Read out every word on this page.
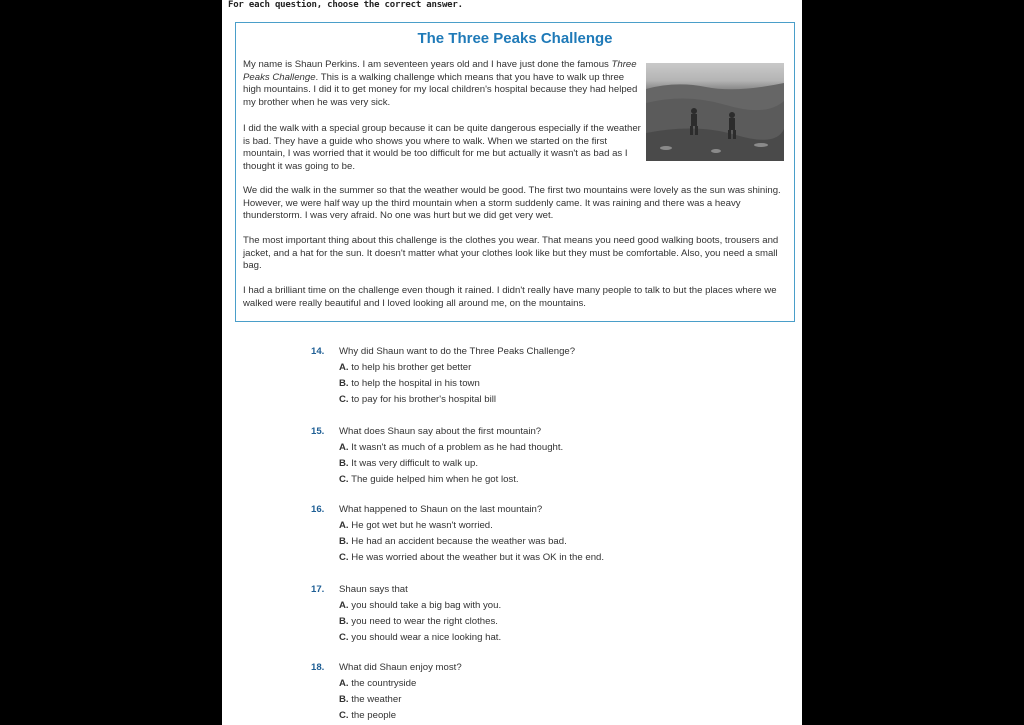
For each question, choose the correct answer.
The Three Peaks Challenge
My name is Shaun Perkins. I am seventeen years old and I have just done the famous Three Peaks Challenge. This is a walking challenge which means that you have to walk up three high mountains. I did it to get money for my local children's hospital because they had helped my brother when he was very sick.
I did the walk with a special group because it can be quite dangerous especially if the weather is bad. They have a guide who shows you where to walk. When we started on the first mountain, I was worried that it would be too difficult for me but actually it wasn't as bad as I thought it was going to be.
We did the walk in the summer so that the weather would be good. The first two mountains were lovely as the sun was shining. However, we were half way up the third mountain when a storm suddenly came. It was raining and there was a heavy thunderstorm. I was very afraid. No one was hurt but we did get very wet.
The most important thing about this challenge is the clothes you wear. That means you need good walking boots, trousers and jacket, and a hat for the sun. It doesn't matter what your clothes look like but they must be comfortable. Also, you need a small bag.
I had a brilliant time on the challenge even though it rained. I didn't really have many people to talk to but the places where we walked were really beautiful and I loved looking all around me, on the mountains.
14. Why did Shaun want to do the Three Peaks Challenge?
A. to help his brother get better
B. to help the hospital in his town
C. to pay for his brother's hospital bill
15. What does Shaun say about the first mountain?
A. It wasn't as much of a problem as he had thought.
B. It was very difficult to walk up.
C. The guide helped him when he got lost.
16. What happened to Shaun on the last mountain?
A. He got wet but he wasn't worried.
B. He had an accident because the weather was bad.
C. He was worried about the weather but it was OK in the end.
17. Shaun says that
A. you should take a big bag with you.
B. you need to wear the right clothes.
C. you should wear a nice looking hat.
18. What did Shaun enjoy most?
A. the countryside
B. the weather
C. the people
